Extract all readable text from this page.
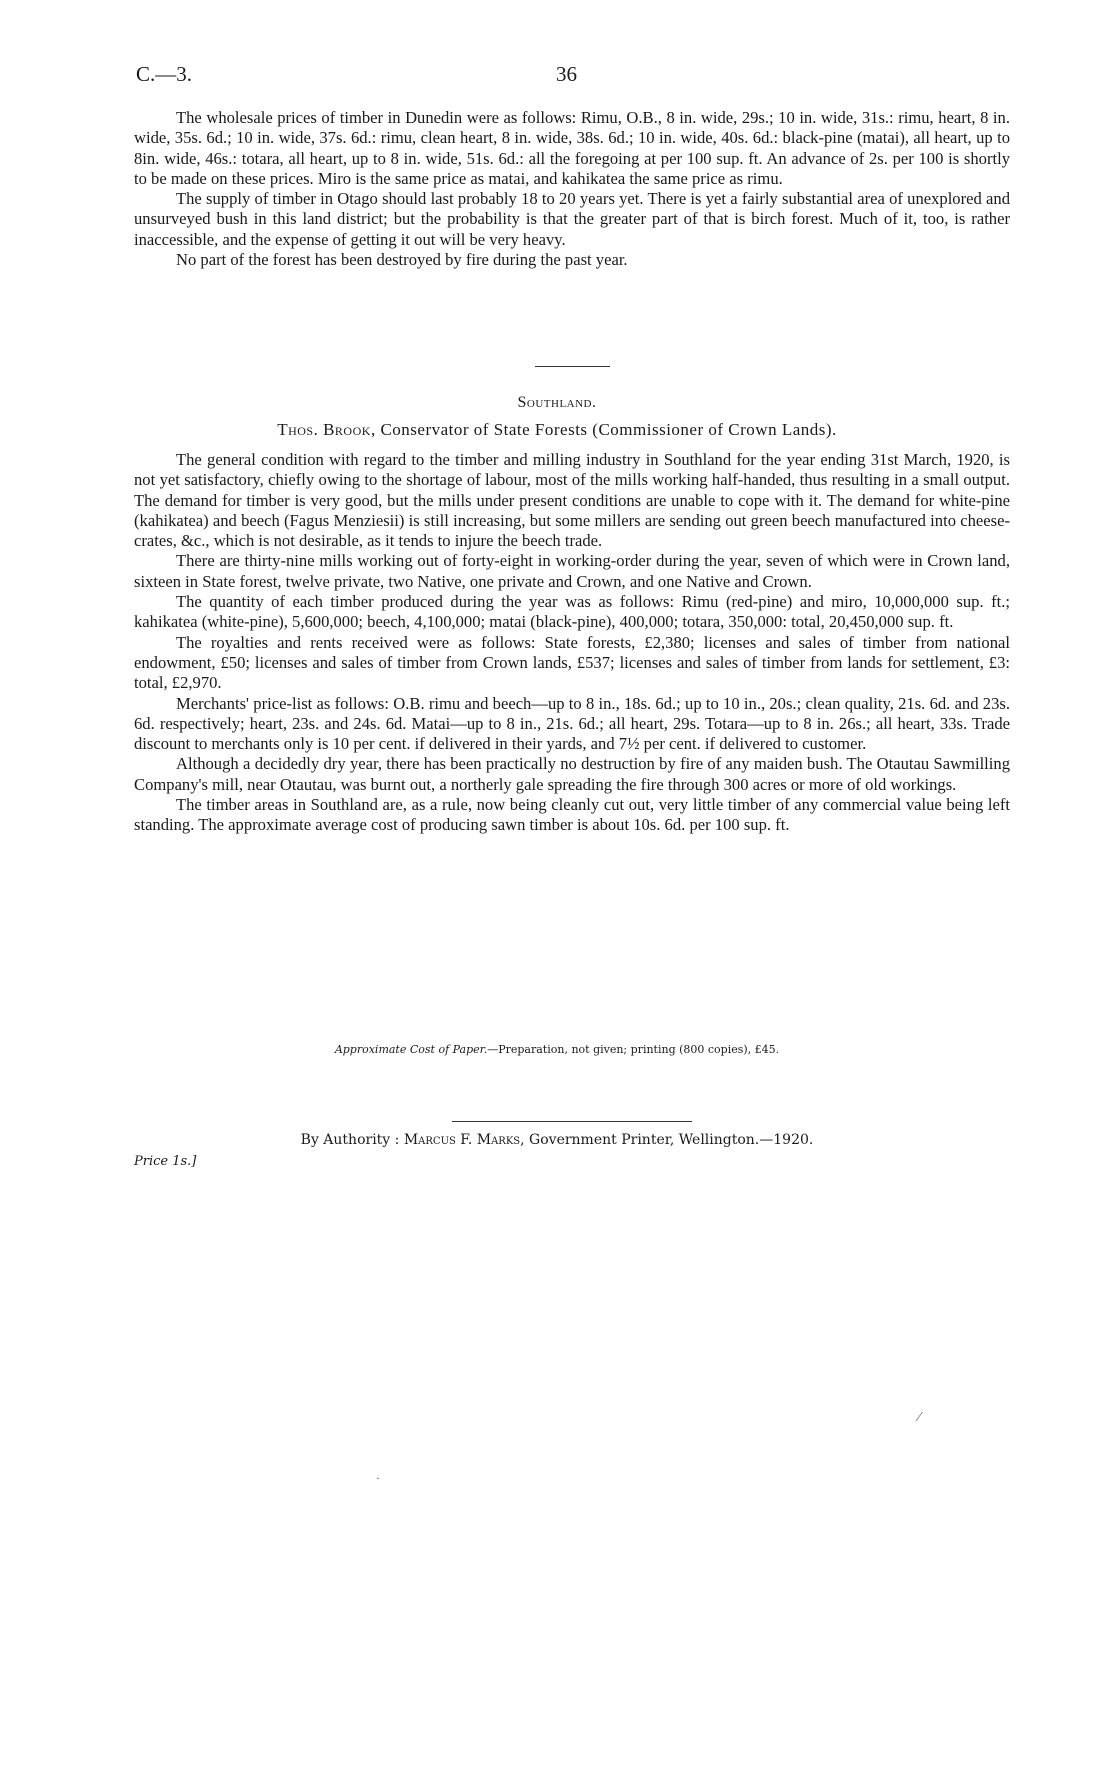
C.—3.	36

The wholesale prices of timber in Dunedin were as follows: Rimu, O.B., 8 in. wide, 29s.; 10 in. wide, 31s.: rimu, heart, 8 in. wide, 35s. 6d.; 10 in. wide, 37s. 6d.: rimu, clean heart, 8 in. wide, 38s. 6d.; 10 in. wide, 40s. 6d.: black-pine (matai), all heart, up to 8in. wide, 46s.: totara, all heart, up to 8 in. wide, 51s. 6d.: all the foregoing at per 100 sup. ft. An advance of 2s. per 100 is shortly to be made on these prices. Miro is the same price as matai, and kahikatea the same price as rimu.

The supply of timber in Otago should last probably 18 to 20 years yet. There is yet a fairly substantial area of unexplored and unsurveyed bush in this land district; but the probability is that the greater part of that is birch forest. Much of it, too, is rather inaccessible, and the expense of getting it out will be very heavy.

No part of the forest has been destroyed by fire during the past year.

Southland.
Thos. Brook, Conservator of State Forests (Commissioner of Crown Lands).

The general condition with regard to the timber and milling industry in Southland for the year ending 31st March, 1920, is not yet satisfactory, chiefly owing to the shortage of labour, most of the mills working half-handed, thus resulting in a small output. The demand for timber is very good, but the mills under present conditions are unable to cope with it. The demand for white-pine (kahikatea) and beech (Fagus Menziesii) is still increasing, but some millers are sending out green beech manufactured into cheese-crates, &c., which is not desirable, as it tends to injure the beech trade.

There are thirty-nine mills working out of forty-eight in working-order during the year, seven of which were in Crown land, sixteen in State forest, twelve private, two Native, one private and Crown, and one Native and Crown.

The quantity of each timber produced during the year was as follows: Rimu (red-pine) and miro, 10,000,000 sup. ft.; kahikatea (white-pine), 5,600,000; beech, 4,100,000; matai (black-pine), 400,000; totara, 350,000: total, 20,450,000 sup. ft.

The royalties and rents received were as follows: State forests, £2,380; licenses and sales of timber from national endowment, £50; licenses and sales of timber from Crown lands, £537; licenses and sales of timber from lands for settlement, £3: total, £2,970.

Merchants' price-list as follows: O.B. rimu and beech—up to 8 in., 18s. 6d.; up to 10 in., 20s.; clean quality, 21s. 6d. and 23s. 6d. respectively; heart, 23s. and 24s. 6d. Matai—up to 8 in., 21s. 6d.; all heart, 29s. Totara—up to 8 in. 26s.; all heart, 33s. Trade discount to merchants only is 10 per cent. if delivered in their yards, and 7½ per cent. if delivered to customer.

Although a decidedly dry year, there has been practically no destruction by fire of any maiden bush. The Otautau Sawmilling Company's mill, near Otautau, was burnt out, a northerly gale spreading the fire through 300 acres or more of old workings.

The timber areas in Southland are, as a rule, now being cleanly cut out, very little timber of any commercial value being left standing. The approximate average cost of producing sawn timber is about 10s. 6d. per 100 sup. ft.

Approximate Cost of Paper.—Preparation, not given; printing (800 copies), £45.
By Authority : Marcus F. Marks, Government Printer, Wellington.—1920.
Price 1s.]
⁄
·
